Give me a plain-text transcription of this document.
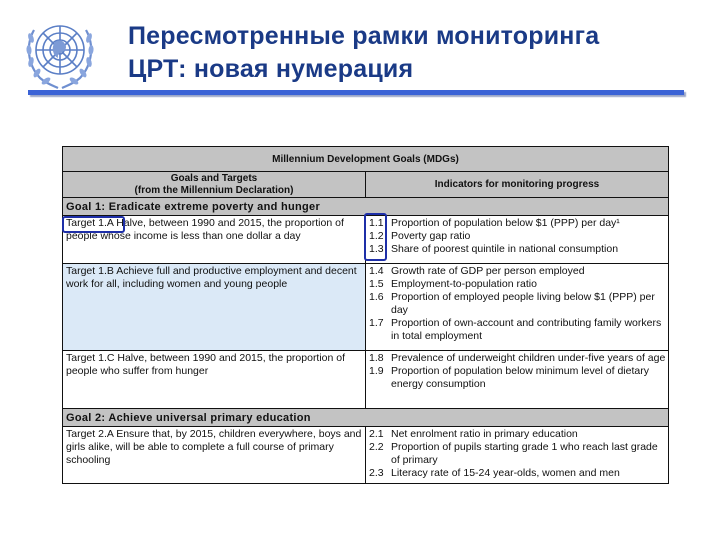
Пересмотренные рамки мониторинга
ЦРТ: новая нумерация
Millennium Development Goals (MDGs)
Goals and Targets
(from the Millennium Declaration)	Indicators for monitoring progress
Goal 1: Eradicate extreme poverty and hunger
Target 1.A Halve, between 1990 and 2015, the proportion of people whose income is less than one dollar a day
1.1 Proportion of population below $1 (PPP) per day¹
1.2 Poverty gap ratio
1.3 Share of poorest quintile in national consumption
Target 1.B Achieve full and productive employment and decent work for all, including women and young people
1.4 Growth rate of GDP per person employed
1.5 Employment-to-population ratio
1.6 Proportion of employed people living below $1 (PPP) per day
1.7 Proportion of own-account and contributing family workers in total employment
Target 1.C Halve, between 1990 and 2015, the proportion of people who suffer from hunger
1.8 Prevalence of underweight children under-five years of age
1.9 Proportion of population below minimum level of dietary energy consumption
Goal 2: Achieve universal primary education
Target 2.A Ensure that, by 2015, children everywhere, boys and girls alike, will be able to complete a full course of primary schooling
2.1 Net enrolment ratio in primary education
2.2 Proportion of pupils starting grade 1 who reach last grade of primary
2.3 Literacy rate of 15-24 year-olds, women and men
